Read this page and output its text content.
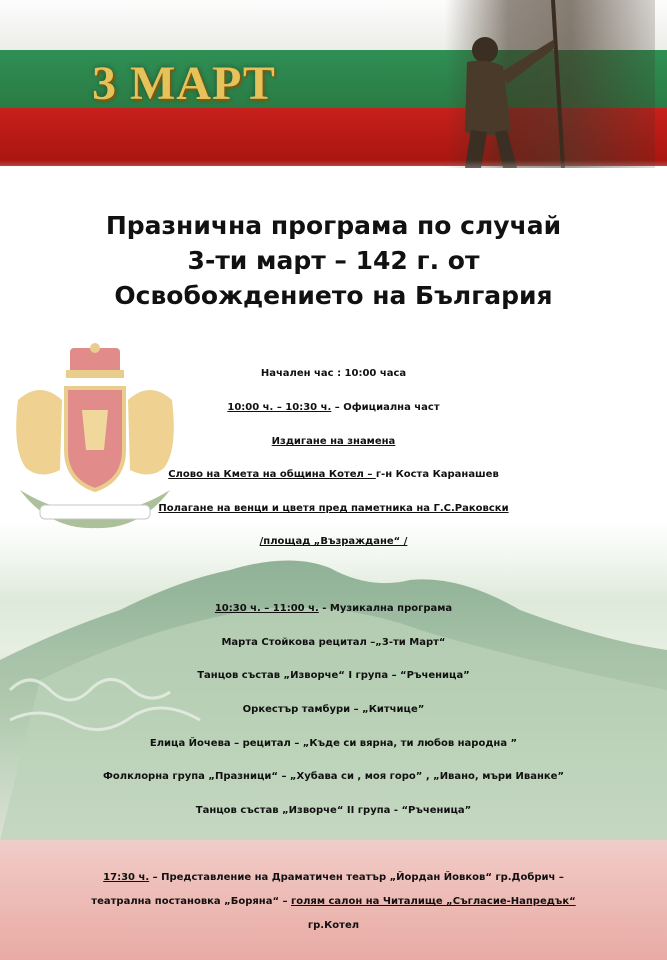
3 МАРТ
Празнична програма по случай
3-ти март – 142 г. от
Освобождението на България
Начален час : 10:00 часа
10:00 ч. – 10:30 ч. – Официална част
Издигане на знамена
Слово на Кмета на община Котел – г-н Коста Каранашев
Полагане на венци и цветя пред паметника на Г.С.Раковски
/площад „Възраждане“ /
10:30 ч. – 11:00 ч. - Музикална програма
Марта Стойкова рецитал –„3-ти Март“
Танцов състав „Изворче“ I група – “Ръченица”
Оркестър тамбури – „Китчице”
Елица Йочева – рецитал – „Къде си вярна, ти любов народна ”
Фолклорна група „Празници“ – „Хубава си , моя горо” , „Ивано, мъри Иванке”
Танцов състав „Изворче“ II група - “Ръченица”
17:30 ч. – Представление на Драматичен театър „Йордан Йовков“ гр.Добрич –
театрална постановка „Боряна“ – голям салон на Читалище „Съгласие-Напредък“
гр.Котел
